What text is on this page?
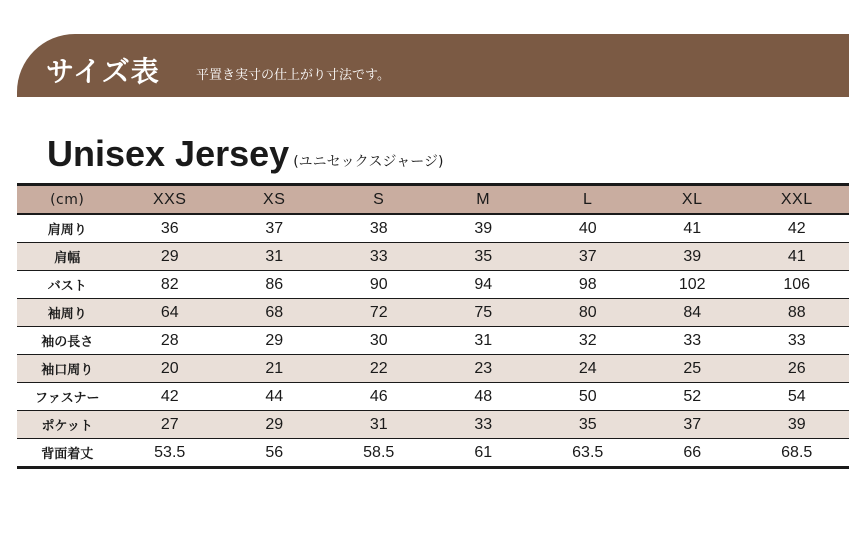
サイズ表	平置き実寸の仕上がり寸法です。
Unisex Jersey (ユニセックスジャージ)
(cm)	XXS	XS	S	M	L	XL	XXL
肩周り	36	37	38	39	40	41	42
肩幅	29	31	33	35	37	39	41
バスト	82	86	90	94	98	102	106
袖周り	64	68	72	75	80	84	88
袖の長さ	28	29	30	31	32	33	33
袖口周り	20	21	22	23	24	25	26
ファスナー	42	44	46	48	50	52	54
ポケット	27	29	31	33	35	37	39
背面着丈	53.5	56	58.5	61	63.5	66	68.5
